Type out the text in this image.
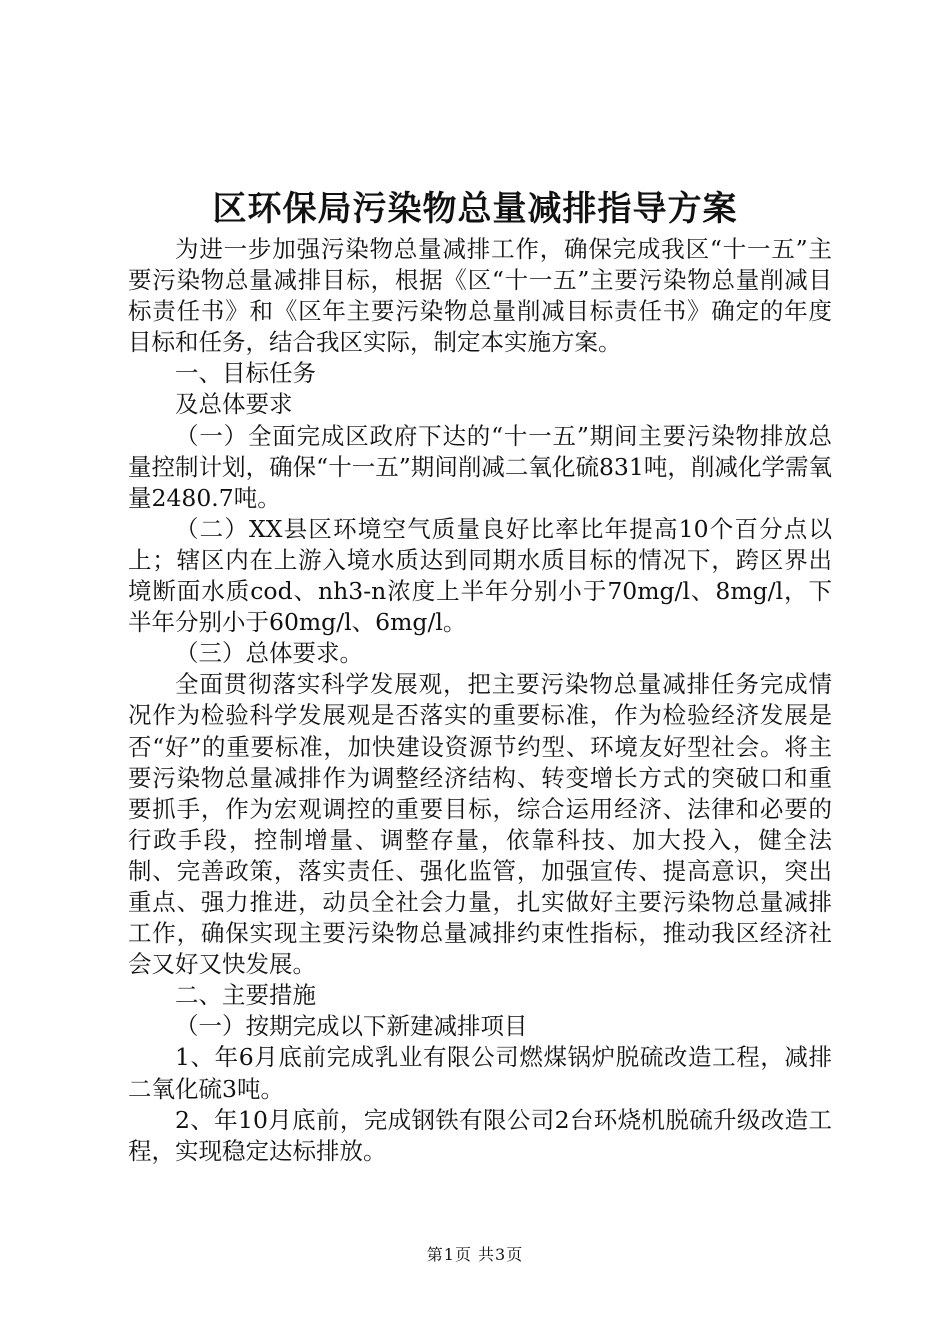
区环保局污染物总量减排指导方案

为进一步加强污染物总量减排工作，确保完成我区“十一五”主要污染物总量减排目标，根据《区“十一五”主要污染物总量削减目标责任书》和《区年主要污染物总量削减目标责任书》确定的年度目标和任务，结合我区实际，制定本实施方案。

一、目标任务

及总体要求

（一）全面完成区政府下达的“十一五”期间主要污染物排放总量控制计划，确保“十一五”期间削减二氧化硫831吨，削减化学需氧量2480.7吨。

（二）XX县区环境空气质量良好比率比年提高10个百分点以上；辖区内在上游入境水质达到同期水质目标的情况下，跨区界出境断面水质cod、nh3-n浓度上半年分别小于70mg/l、8mg/l，下半年分别小于60mg/l、6mg/l。

（三）总体要求。

全面贯彻落实科学发展观，把主要污染物总量减排任务完成情况作为检验科学发展观是否落实的重要标准，作为检验经济发展是否“好”的重要标准，加快建设资源节约型、环境友好型社会。将主要污染物总量减排作为调整经济结构、转变增长方式的突破口和重要抓手，作为宏观调控的重要目标，综合运用经济、法律和必要的行政手段，控制增量、调整存量，依靠科技、加大投入，健全法制、完善政策，落实责任、强化监管，加强宣传、提高意识，突出重点、强力推进，动员全社会力量，扎实做好主要污染物总量减排工作，确保实现主要污染物总量减排约束性指标，推动我区经济社会又好又快发展。

二、主要措施

（一）按期完成以下新建减排项目

1、年6月底前完成乳业有限公司燃煤锅炉脱硫改造工程，减排二氧化硫3吨。

2、年10月底前，完成钢铁有限公司2台环烧机脱硫升级改造工程，实现稳定达标排放。

第1页 共3页
